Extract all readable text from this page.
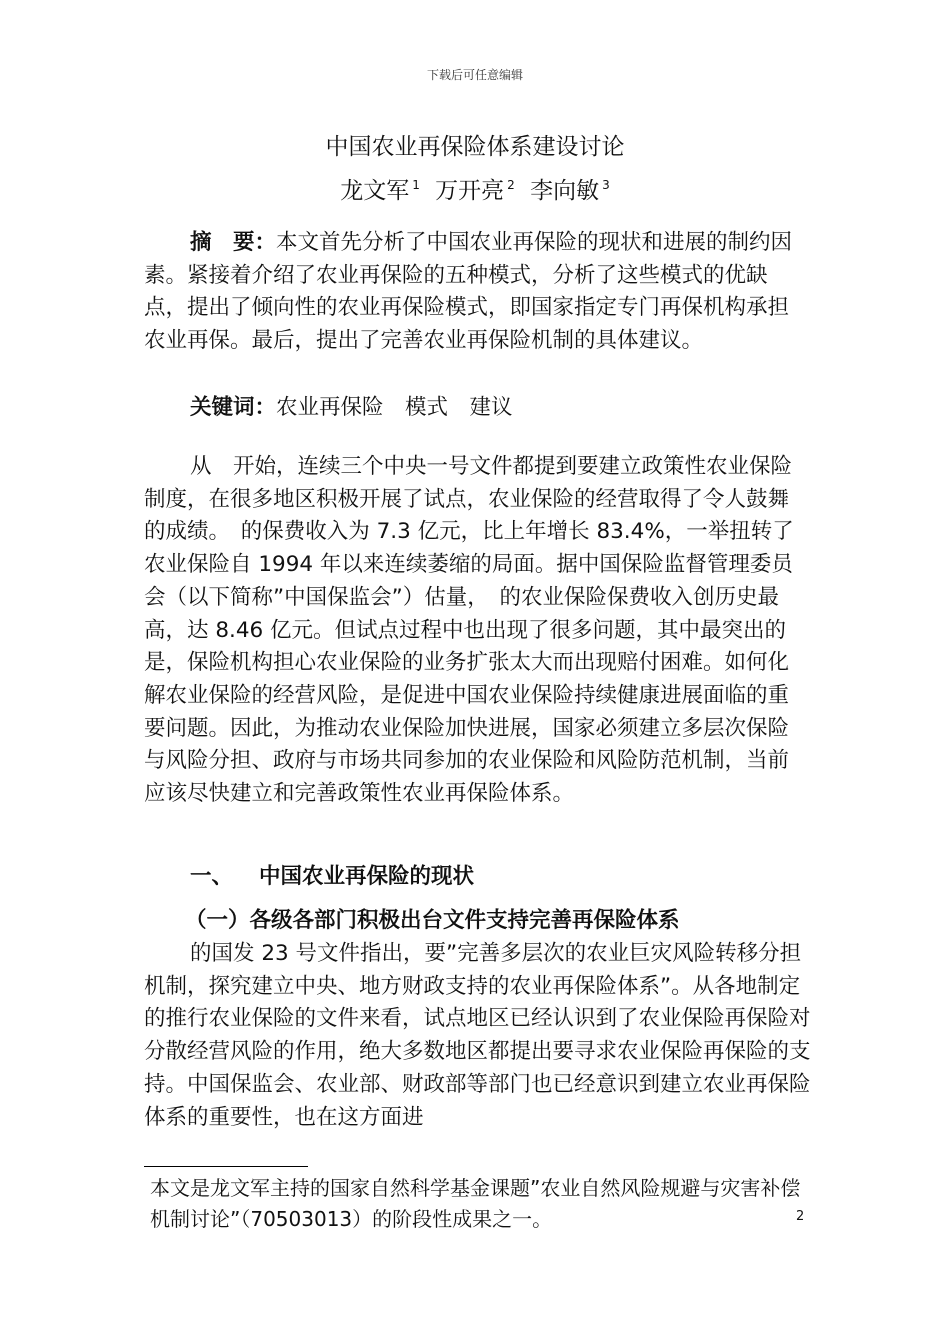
下载后可任意编辑
中国农业再保险体系建设讨论
龙文军 $^1$ 万开亮 $^2$ 李向敏 $^3$
摘　要：本文首先分析了中国农业再保险的现状和进展的制约因素。紧接着介绍了农业再保险的五种模式，分析了这些模式的优缺点，提出了倾向性的农业再保险模式，即国家指定专门再保机构承担农业再保。最后，提出了完善农业再保险机制的具体建议。
关键词：农业再保险　模式　建议
从　开始，连续三个中央一号文件都提到要建立政策性农业保险制度，在很多地区积极开展了试点，农业保险的经营取得了令人鼓舞的成绩。　的保费收入为 7.3 亿元，比上年增长 83.4%，一举扭转了农业保险自 1994 年以来连续萎缩的局面。据中国保险监督管理委员会（以下简称”中国保监会”）估量，　的农业保险保费收入创历史最高，达 8.46 亿元。但试点过程中也出现了很多问题，其中最突出的是，保险机构担心农业保险的业务扩张太大而出现赔付困难。如何化解农业保险的经营风险，是促进中国农业保险持续健康进展面临的重要问题。因此，为推动农业保险加快进展，国家必须建立多层次保险与风险分担、政府与市场共同参加的农业保险和风险防范机制，当前应该尽快建立和完善政策性农业再保险体系。
一、 中国农业再保险的现状
（一）各级各部门积极出台文件支持完善再保险体系
的国发 23 号文件指出，要”完善多层次的农业巨灾风险转移分担机制，探究建立中央、地方财政支持的农业再保险体系”。从各地制定的推行农业保险的文件来看，试点地区已经认识到了农业保险再保险对分散经营风险的作用，绝大多数地区都提出要寻求农业保险再保险的支持。中国保监会、农业部、财政部等部门也已经意识到建立农业再保险体系的重要性，也在这方面进
本文是龙文军主持的国家自然科学基金课题”农业自然风险规避与灾害补偿机制讨论”（70503013）的阶段性成果之一。	2
